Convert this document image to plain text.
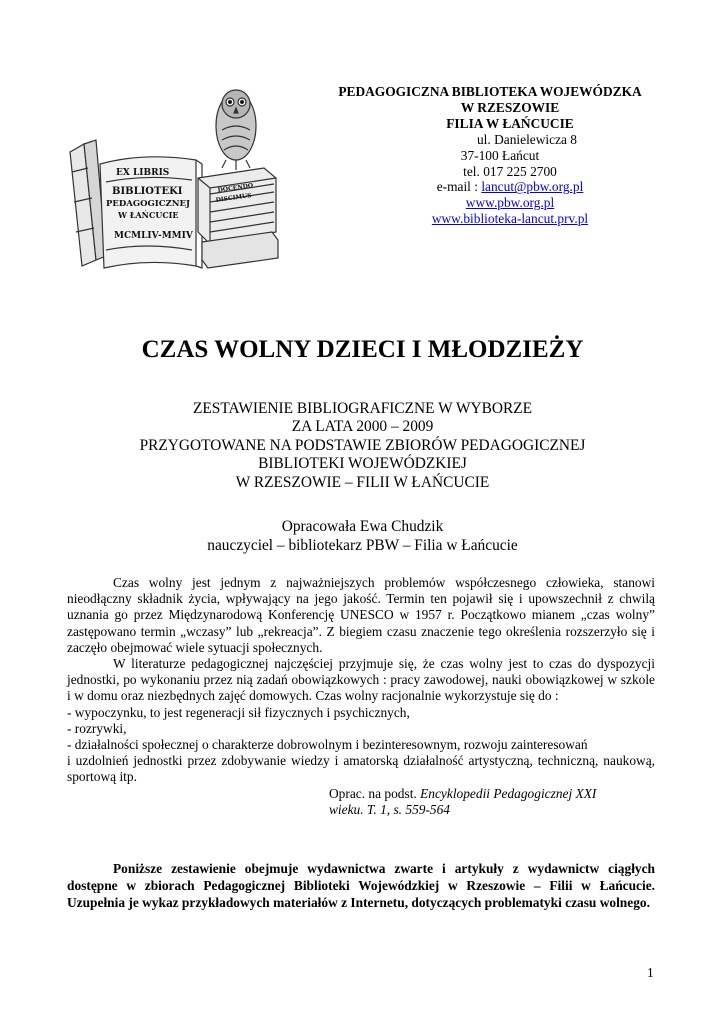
EX LIBRIS
BIBLIOTEKI
PEDAGOGICZNEJ
W ŁAŃCUCIE
MCMLIV-MMIV
DOCENDO
DISCIMUS
PEDAGOGICZNA BIBLIOTEKA WOJEWÓDZKA
W RZESZOWIE
FILIA W ŁAŃCUCIE
ul. Danielewicza 8
37-100 Łańcut
tel. 017 225 2700
e-mail : lancut@pbw.org.pl
www.pbw.org.pl
www.biblioteka-lancut.prv.pl
CZAS WOLNY DZIECI I MŁODZIEŻY
ZESTAWIENIE BIBLIOGRAFICZNE W WYBORZE
ZA LATA 2000 – 2009
PRZYGOTOWANE NA PODSTAWIE ZBIORÓW PEDAGOGICZNEJ
BIBLIOTEKI WOJEWÓDZKIEJ
W RZESZOWIE – FILII W ŁAŃCUCIE
Opracowała Ewa Chudzik
nauczyciel – bibliotekarz PBW – Filia w Łańcucie

Czas wolny jest jednym z najważniejszych problemów współczesnego człowieka, stanowi nieodłączny składnik życia, wpływający na jego jakość. Termin ten pojawił się i upowszechnił z chwilą uznania go przez Międzynarodową Konferencję UNESCO w 1957 r. Początkowo mianem „czas wolny” zastępowano termin „wczasy” lub „rekreacja”. Z biegiem czasu znaczenie tego określenia rozszerzyło się i zaczęło obejmować wiele sytuacji społecznych.

W literaturze pedagogicznej najczęściej przyjmuje się, że czas wolny jest to czas do dyspozycji jednostki, po wykonaniu przez nią zadań obowiązkowych : pracy zawodowej, nauki obowiązkowej w szkole i w domu oraz niezbędnych zajęć domowych. Czas wolny racjonalnie wykorzystuje się do :

- wypoczynku, to jest regeneracji sił fizycznych i psychicznych,

- rozrywki,

- działalności społecznej o charakterze dobrowolnym i bezinteresownym, rozwoju zainteresowań

i uzdolnień jednostki przez zdobywanie wiedzy i amatorską działalność artystyczną, techniczną, naukową, sportową itp.

Oprac. na podst. Encyklopedii Pedagogicznej XXI

wieku. T. 1, s. 559-564

Poniższe zestawienie obejmuje wydawnictwa zwarte i artykuły z wydawnictw ciągłych dostępne w zbiorach Pedagogicznej Biblioteki Wojewódzkiej w Rzeszowie – Filii w Łańcucie. Uzupełnia je wykaz przykładowych materiałów z Internetu, dotyczących problematyki czasu wolnego.

1
